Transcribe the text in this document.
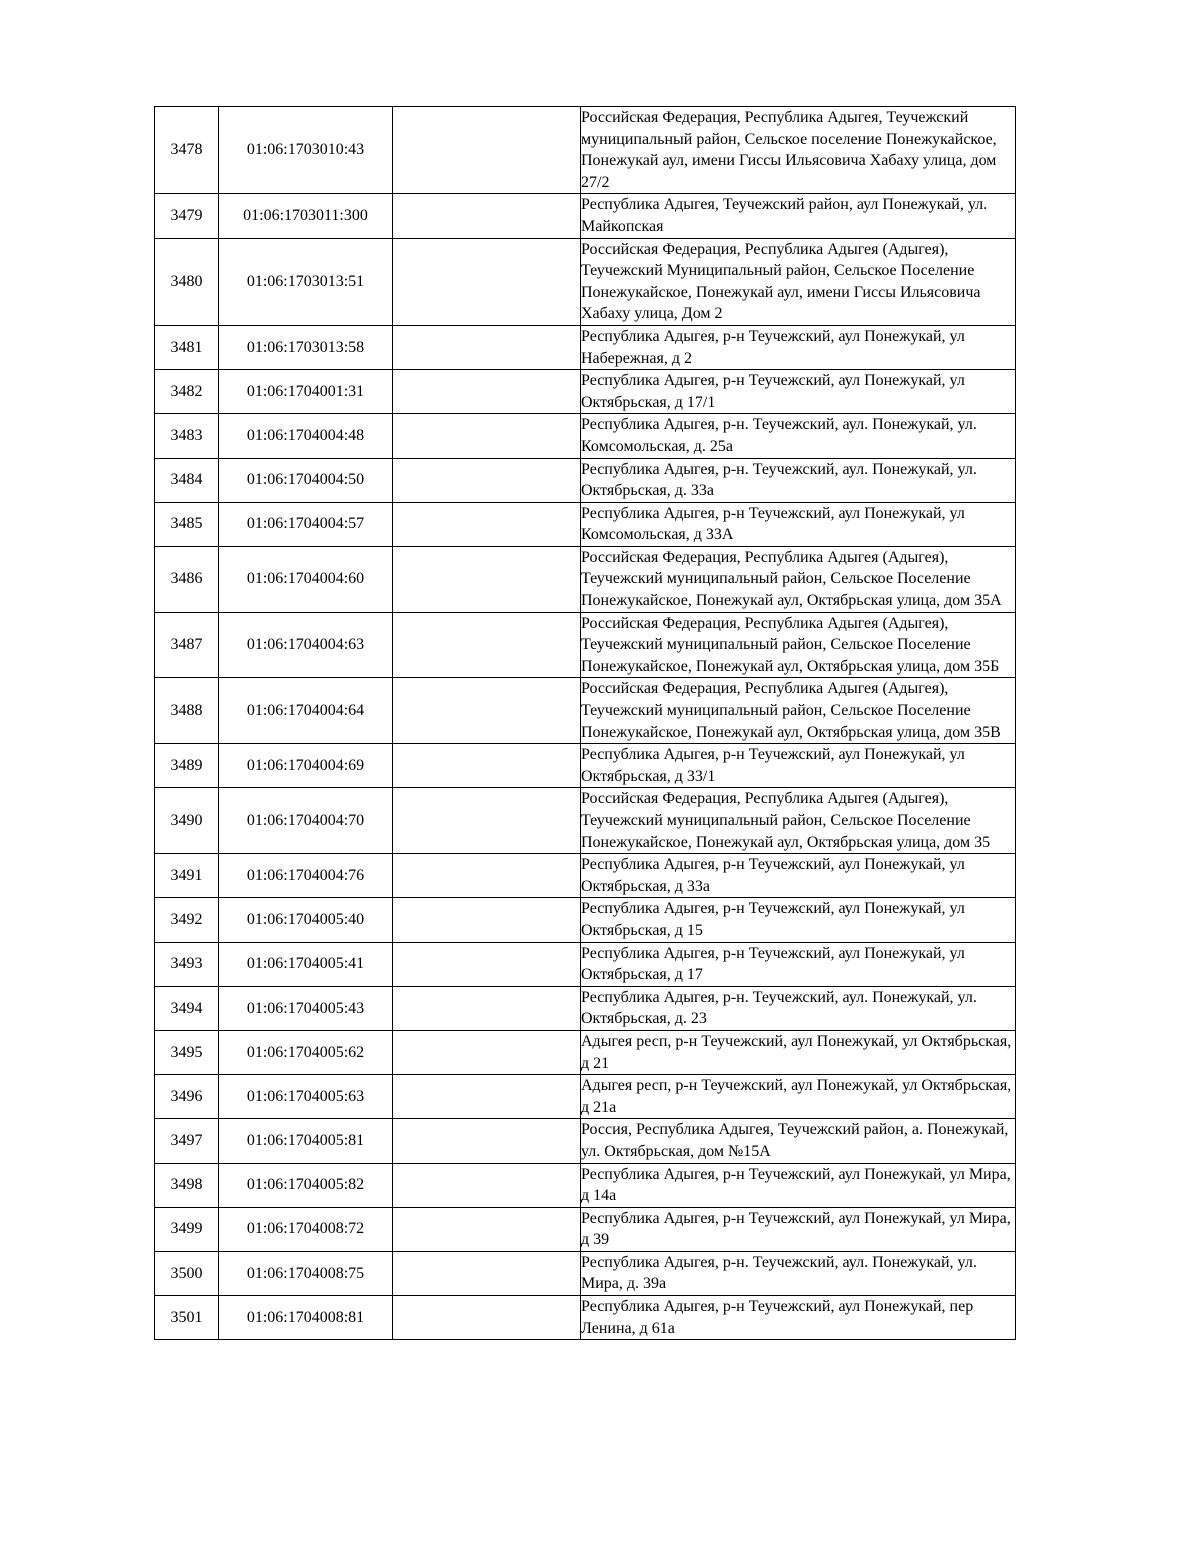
3478	01:06:1703010:43		Российская Федерация, Республика Адыгея, Теучежский муниципальный район, Сельское поселение Понежукайское, Понежукай аул, имени Гиссы Ильясовича Хабаху улица, дом 27/2
3479	01:06:1703011:300		Республика Адыгея, Теучежский район, аул Понежукай, ул. Майкопская
3480	01:06:1703013:51		Российская Федерация, Республика Адыгея (Адыгея), Теучежский Муниципальный район, Сельское Поселение Понежукайское, Понежукай аул, имени Гиссы Ильясовича Хабаху улица, Дом 2
3481	01:06:1703013:58		Республика Адыгея, р-н Теучежский, аул Понежукай, ул Набережная, д 2
3482	01:06:1704001:31		Республика Адыгея, р-н Теучежский, аул Понежукай, ул Октябрьская, д 17/1
3483	01:06:1704004:48		Республика Адыгея, р-н. Теучежский, аул. Понежукай, ул. Комсомольская, д. 25а
3484	01:06:1704004:50		Республика Адыгея, р-н. Теучежский, аул. Понежукай, ул. Октябрьская, д. 33а
3485	01:06:1704004:57		Республика Адыгея, р-н Теучежский, аул Понежукай, ул Комсомольская, д 33А
3486	01:06:1704004:60		Российская Федерация, Республика Адыгея (Адыгея), Теучежский муниципальный район, Сельское Поселение Понежукайское, Понежукай аул, Октябрьская улица, дом 35А
3487	01:06:1704004:63		Российская Федерация, Республика Адыгея (Адыгея), Теучежский муниципальный район, Сельское Поселение Понежукайское, Понежукай аул, Октябрьская улица, дом 35Б
3488	01:06:1704004:64		Российская Федерация, Республика Адыгея (Адыгея), Теучежский муниципальный район, Сельское Поселение Понежукайское, Понежукай аул, Октябрьская улица, дом 35В
3489	01:06:1704004:69		Республика Адыгея, р-н Теучежский, аул Понежукай, ул Октябрьская, д 33/1
3490	01:06:1704004:70		Российская Федерация, Республика Адыгея (Адыгея), Теучежский муниципальный район, Сельское Поселение Понежукайское, Понежукай аул, Октябрьская улица, дом 35
3491	01:06:1704004:76		Республика Адыгея, р-н Теучежский, аул Понежукай, ул Октябрьская, д 33а
3492	01:06:1704005:40		Республика Адыгея, р-н Теучежский, аул Понежукай, ул Октябрьская, д 15
3493	01:06:1704005:41		Республика Адыгея, р-н Теучежский, аул Понежукай, ул Октябрьская, д 17
3494	01:06:1704005:43		Республика Адыгея, р-н. Теучежский, аул. Понежукай, ул. Октябрьская, д. 23
3495	01:06:1704005:62		Адыгея респ, р-н Теучежский, аул Понежукай, ул Октябрьская, д 21
3496	01:06:1704005:63		Адыгея респ, р-н Теучежский, аул Понежукай, ул Октябрьская, д 21а
3497	01:06:1704005:81		Россия, Республика Адыгея, Теучежский район, а. Понежукай, ул. Октябрьская, дом №15А
3498	01:06:1704005:82		Республика Адыгея, р-н Теучежский, аул Понежукай, ул Мира, д 14а
3499	01:06:1704008:72		Республика Адыгея, р-н Теучежский, аул Понежукай, ул Мира, д 39
3500	01:06:1704008:75		Республика Адыгея, р-н. Теучежский, аул. Понежукай, ул. Мира, д. 39а
3501	01:06:1704008:81		Республика Адыгея, р-н Теучежский, аул Понежукай, пер Ленина, д 61а
